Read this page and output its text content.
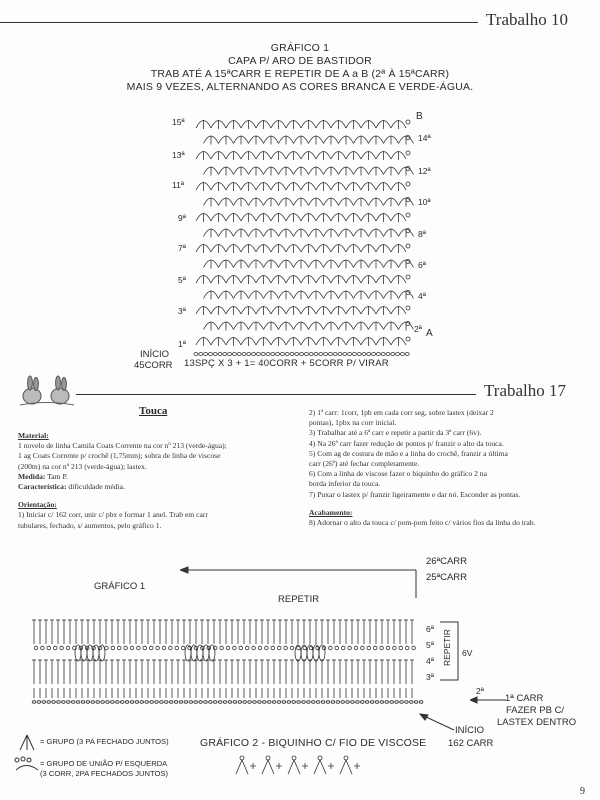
Trabalho 10
GRÁFICO 1
CAPA P/ ARO DE BASTIDOR
TRAB ATÉ A 15ªCARR E REPETIR DE A a B (2ª À 15ªCARR)
MAIS 9 VEZES, ALTERNANDO AS CORES BRANCA E VERDE-ÁGUA.
15ª
13ª
11ª
9ª
7ª
5ª
3ª
1ª
B
14ª
12ª
10ª
8ª
6ª
4ª
2ª A
INÍCIO
45CORR 13SPÇ X 3 + 1= 40CORR + 5CORR P/ VIRAR
Trabalho 17
Touca
Material:
1 novelo de linha Camila Coats Corrente na cor nº 213 (verde-água);
1 ag Coats Corrente p/ crochê (1,75mm); sobra de linha de viscose
(200m) na cor nº 213 (verde-água); lastex.
Medida: Tam P.
Característica: dificuldade média.
Orientação:
1) Iniciar c/ 162 corr, unir c/ pbx e formar 1 anel. Trab em carr
tubulares, fechado, s/ aumentos, pelo gráfico 1.
2) 1ª carr: 1corr, 1pb em cada corr seg, sobre lastex (deixar 2
pontas), 1pbx na corr inicial.
3) Trabalhar até a 6ª carr e repetir a partir da 3ª carr (6v).
4) Na 26ª carr fazer redução de pontos p/ franzir o alto da touca.
5) Com ag de costura de mão e a linha do crochê, franzir a última
carr (26ª) até fechar completamente.
6) Com a linha de viscose fazer o biquinho do gráfico 2 na
borda inferior da touca.
7) Puxar o lastex p/ franzir ligeiramente e dar nó. Esconder as pontas.
Acabamento:
8) Adornar o alto da touca c/ pom-pom feito c/ vários fios da linha do trab.
GRÁFICO 1
REPETIR
26ªCARR
25ªCARR
6ª
5ª
4ª
3ª
2ª
REPETIR 6V
1ª CARR
FAZER PB C/
LASTEX DENTRO
INÍCIO
162 CARR
= GRUPO (3 PA FECHADO JUNTOS)
= GRUPO DE UNIÃO P/ ESQUERDA
(3 CORR, 2PA FECHADOS JUNTOS)
GRÁFICO 2 - BIQUINHO C/ FIO DE VISCOSE
9
